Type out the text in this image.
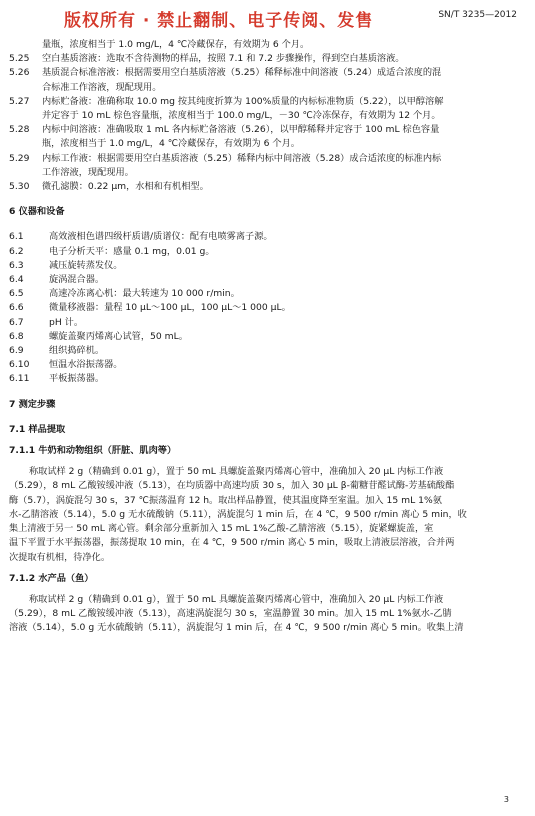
版权所有 · 禁止翻制、电子传阅、发售	SN/T 3235—2012
量瓶，浓度相当于 1.0 mg/L，4 ℃冷藏保存，有效期为 6 个月。
5.25 空白基质溶液：选取不含待测物的样品，按照 7.1 和 7.2 步骤操作，得到空白基质溶液。
5.26 基质混合标准溶液：根据需要用空白基质溶液（5.25）稀释标准中间溶液（5.24）成适合浓度的混
合标准工作溶液，现配现用。
5.27 内标贮备液：准确称取 10.0 mg 按其纯度折算为 100%质量的内标标准物质（5.22），以甲醇溶解
并定容于 10 mL 棕色容量瓶，浓度相当于 100.0 mg/L，－30 ℃冷冻保存，有效期为 12 个月。
5.28 内标中间溶液：准确吸取 1 mL 各内标贮备溶液（5.26），以甲醇稀释并定容于 100 mL 棕色容量
瓶，浓度相当于 1.0 mg/L，4 ℃冷藏保存，有效期为 6 个月。
5.29 内标工作液：根据需要用空白基质溶液（5.25）稀释内标中间溶液（5.28）成合适浓度的标准内标
工作溶液，现配现用。
5.30 微孔滤膜：0.22 μm，水相和有机相型。
6 仪器和设备
6.1	高效液相色谱四级杆质谱/质谱仪：配有电喷雾离子源。
6.2	电子分析天平：感量 0.1 mg，0.01 g。
6.3	减压旋转蒸发仪。
6.4	旋涡混合器。
6.5	高速冷冻离心机：最大转速为 10 000 r/min。
6.6	微量移液器：量程 10 μL～100 μL，100 μL～1 000 μL。
6.7	pH 计。
6.8	螺旋盖聚丙烯离心试管，50 mL。
6.9	组织捣碎机。
6.10 恒温水浴振荡器。
6.11 平板振荡器。
7 测定步骤
7.1 样品提取
7.1.1 牛奶和动物组织（肝脏、肌肉等）
称取试样 2 g（精确到 0.01 g），置于 50 mL 具螺旋盖聚丙烯离心管中，准确加入 20 μL 内标工作液
（5.29），8 mL 乙酸铵缓冲液（5.13），在均质器中高速均质 30 s，加入 30 μL β-葡糖苷醛试酶-芳基硫酸酯
酶（5.7），涡旋混匀 30 s，37 ℃振荡温育 12 h。取出样品静置，使其温度降至室温。加入 15 mL 1%氨
水-乙腈溶液（5.14），5.0 g 无水硫酸钠（5.11），涡旋混匀 1 min 后，在 4 ℃，9 500 r/min 离心 5 min，收
集上清液于另一 50 mL 离心管。剩余部分重新加入 15 mL 1%乙酸-乙腈溶液（5.15），旋紧螺旋盖，室
温下平置于水平振荡器，振荡提取 10 min，在 4 ℃，9 500 r/min 离心 5 min，吸取上清液层溶液，合并两
次提取有机相，待净化。
7.1.2 水产品（鱼）
称取试样 2 g（精确到 0.01 g），置于 50 mL 具螺旋盖聚丙烯离心管中，准确加入 20 μL 内标工作液
（5.29），8 mL 乙酸铵缓冲液（5.13），高速涡旋混匀 30 s，室温静置 30 min。加入 15 mL 1%氨水-乙腈
溶液（5.14），5.0 g 无水硫酸钠（5.11），涡旋混匀 1 min 后，在 4 ℃，9 500 r/min 离心 5 min。收集上清
3
